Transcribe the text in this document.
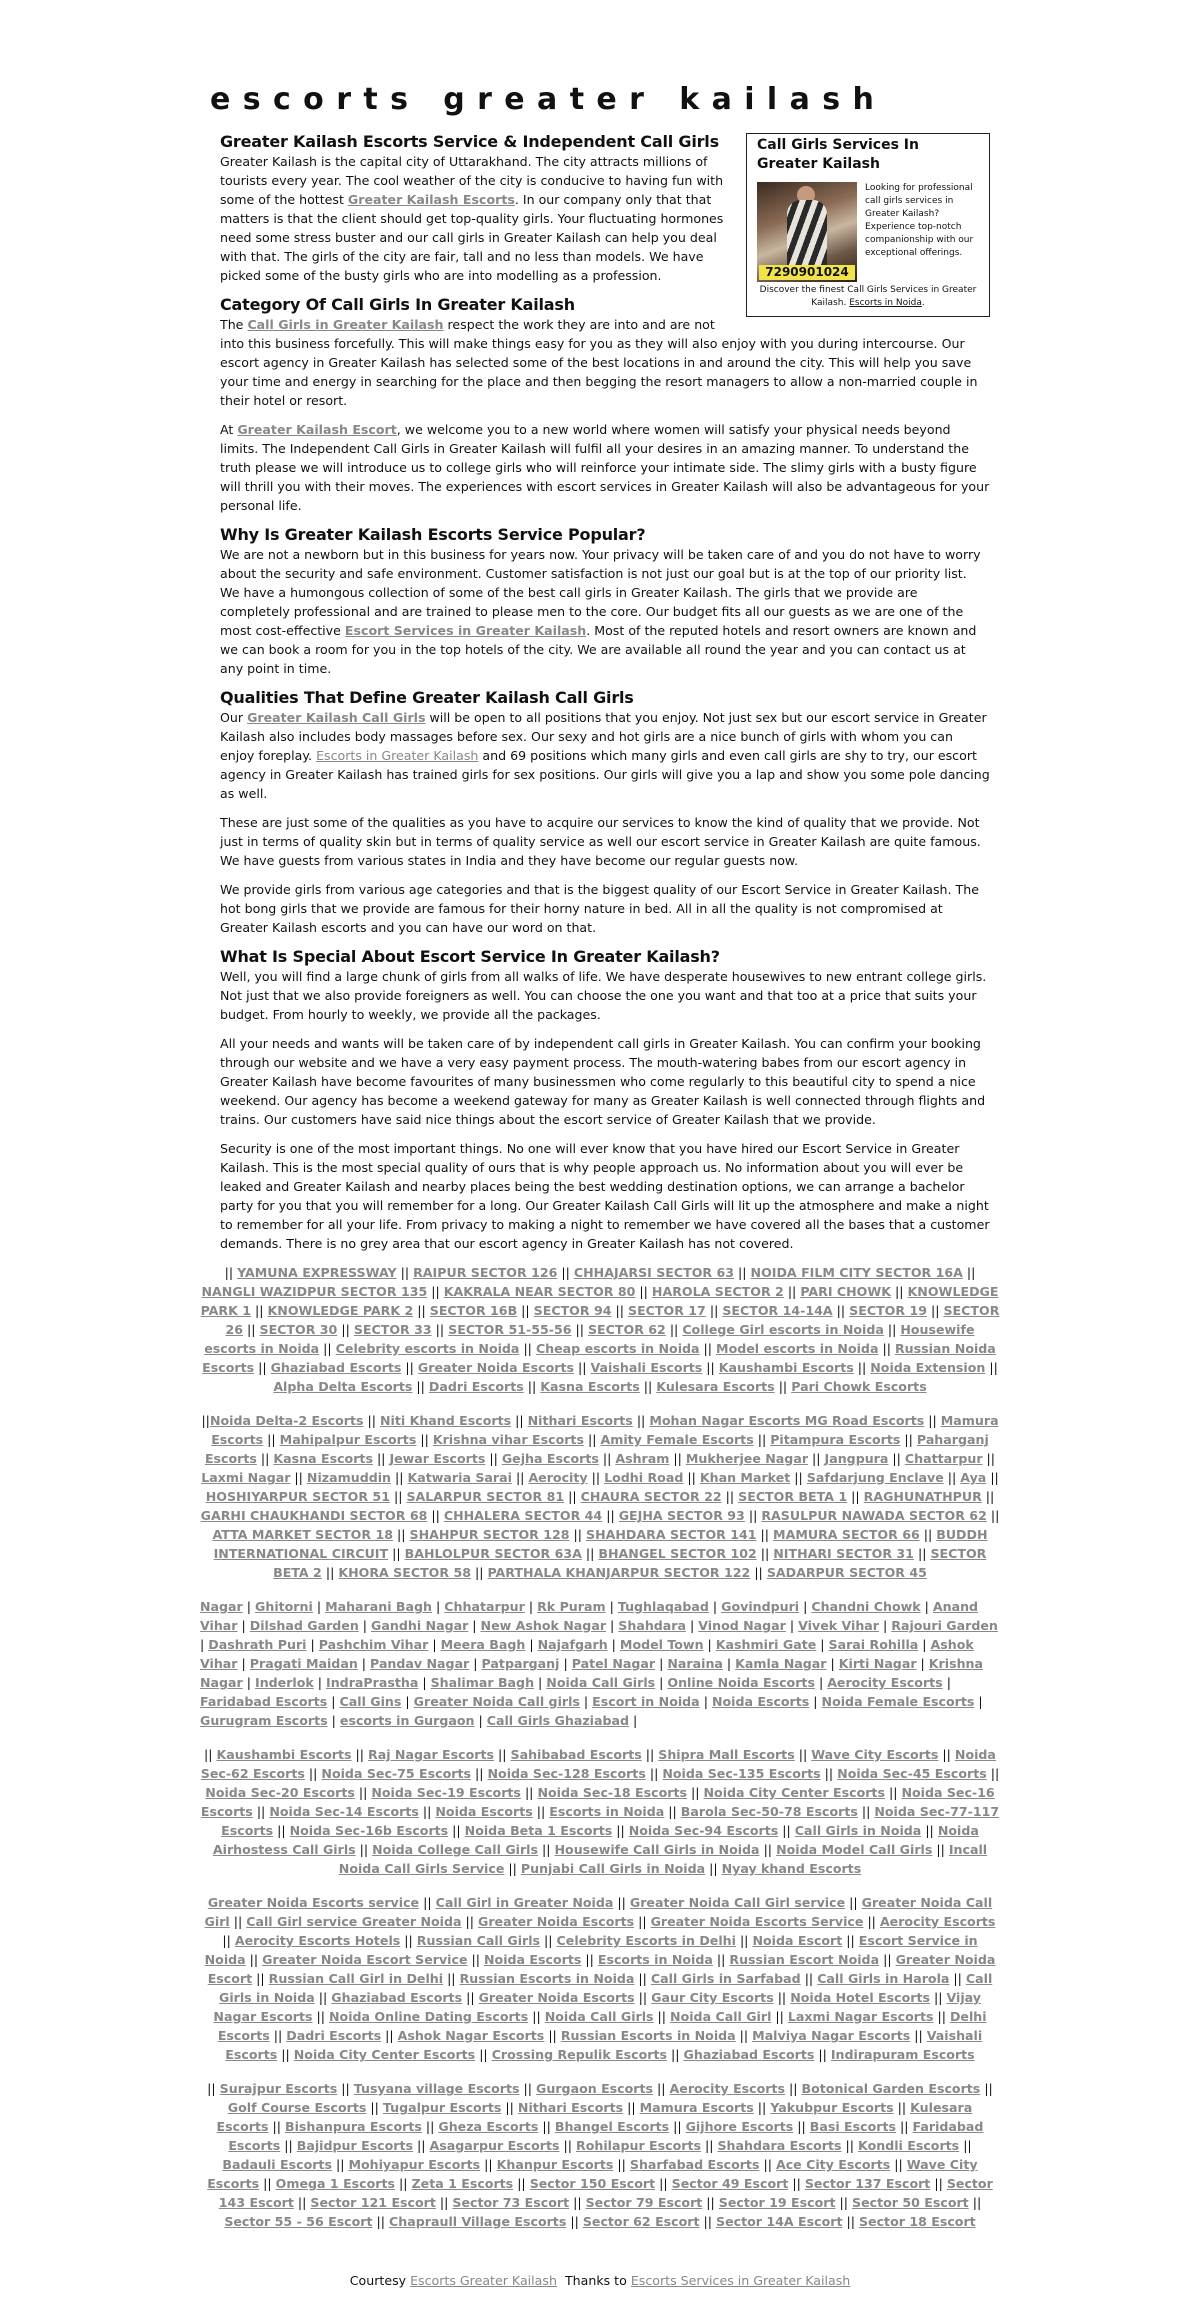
escorts greater kailash
Call Girls Services In Greater Kailash
7290901024
Looking for professional call girls services in Greater Kailash? Experience top-notch companionship with our exceptional offerings.
Discover the finest Call Girls Services in Greater Kailash. Escorts in Noida.
Greater Kailash Escorts Service & Independent Call Girls

Greater Kailash is the capital city of Uttarakhand. The city attracts millions of tourists every year. The cool weather of the city is conducive to having fun with some of the hottest Greater Kailash Escorts. In our company only that that matters is that the client should get top-quality girls. Your fluctuating hormones need some stress buster and our call girls in Greater Kailash can help you deal with that. The girls of the city are fair, tall and no less than models. We have picked some of the busty girls who are into modelling as a profession.

Category Of Call Girls In Greater Kailash

The Call Girls in Greater Kailash respect the work they are into and are not into this business forcefully. This will make things easy for you as they will also enjoy with you during intercourse. Our escort agency in Greater Kailash has selected some of the best locations in and around the city. This will help you save your time and energy in searching for the place and then begging the resort managers to allow a non-married couple in their hotel or resort.

At Greater Kailash Escort, we welcome you to a new world where women will satisfy your physical needs beyond limits. The Independent Call Girls in Greater Kailash will fulfil all your desires in an amazing manner. To understand the truth please we will introduce us to college girls who will reinforce your intimate side. The slimy girls with a busty figure will thrill you with their moves. The experiences with escort services in Greater Kailash will also be advantageous for your personal life.

Why Is Greater Kailash Escorts Service Popular?

We are not a newborn but in this business for years now. Your privacy will be taken care of and you do not have to worry about the security and safe environment. Customer satisfaction is not just our goal but is at the top of our priority list. We have a humongous collection of some of the best call girls in Greater Kailash. The girls that we provide are completely professional and are trained to please men to the core. Our budget fits all our guests as we are one of the most cost-effective Escort Services in Greater Kailash. Most of the reputed hotels and resort owners are known and we can book a room for you in the top hotels of the city. We are available all round the year and you can contact us at any point in time.

Qualities That Define Greater Kailash Call Girls

Our Greater Kailash Call Girls will be open to all positions that you enjoy. Not just sex but our escort service in Greater Kailash also includes body massages before sex. Our sexy and hot girls are a nice bunch of girls with whom you can enjoy foreplay. Escorts in Greater Kailash and 69 positions which many girls and even call girls are shy to try, our escort agency in Greater Kailash has trained girls for sex positions. Our girls will give you a lap and show you some pole dancing as well.

These are just some of the qualities as you have to acquire our services to know the kind of quality that we provide. Not just in terms of quality skin but in terms of quality service as well our escort service in Greater Kailash are quite famous. We have guests from various states in India and they have become our regular guests now.

We provide girls from various age categories and that is the biggest quality of our Escort Service in Greater Kailash. The hot bong girls that we provide are famous for their horny nature in bed. All in all the quality is not compromised at Greater Kailash escorts and you can have our word on that.

What Is Special About Escort Service In Greater Kailash?

Well, you will find a large chunk of girls from all walks of life. We have desperate housewives to new entrant college girls. Not just that we also provide foreigners as well. You can choose the one you want and that too at a price that suits your budget. From hourly to weekly, we provide all the packages.

All your needs and wants will be taken care of by independent call girls in Greater Kailash. You can confirm your booking through our website and we have a very easy payment process. The mouth-watering babes from our escort agency in Greater Kailash have become favourites of many businessmen who come regularly to this beautiful city to spend a nice weekend. Our agency has become a weekend gateway for many as Greater Kailash is well connected through flights and trains. Our customers have said nice things about the escort service of Greater Kailash that we provide.

Security is one of the most important things. No one will ever know that you have hired our Escort Service in Greater Kailash. This is the most special quality of ours that is why people approach us. No information about you will ever be leaked and Greater Kailash and nearby places being the best wedding destination options, we can arrange a bachelor party for you that you will remember for a long. Our Greater Kailash Call Girls will lit up the atmosphere and make a night to remember for all your life. From privacy to making a night to remember we have covered all the bases that a customer demands. There is no grey area that our escort agency in Greater Kailash has not covered.

|| YAMUNA EXPRESSWAY || RAIPUR SECTOR 126 || CHHAJARSI SECTOR 63 || NOIDA FILM CITY SECTOR 16A || NANGLI WAZIDPUR SECTOR 135 || KAKRALA NEAR SECTOR 80 || HAROLA SECTOR 2 || PARI CHOWK || KNOWLEDGE PARK 1 || KNOWLEDGE PARK 2 || SECTOR 16B || SECTOR 94 || SECTOR 17 || SECTOR 14-14A || SECTOR 19 || SECTOR 26 || SECTOR 30 || SECTOR 33 || SECTOR 51-55-56 || SECTOR 62 || College Girl escorts in Noida || Housewife escorts in Noida || Celebrity escorts in Noida || Cheap escorts in Noida || Model escorts in Noida || Russian Noida Escorts || Ghaziabad Escorts || Greater Noida Escorts || Vaishali Escorts || Kaushambi Escorts || Noida Extension || Alpha Delta Escorts || Dadri Escorts || Kasna Escorts || Kulesara Escorts || Pari Chowk Escorts
||Noida Delta-2 Escorts || Niti Khand Escorts || Nithari Escorts || Mohan Nagar Escorts MG Road Escorts || Mamura Escorts || Mahipalpur Escorts || Krishna vihar Escorts || Amity Female Escorts || Pitampura Escorts || Paharganj Escorts || Kasna Escorts || Jewar Escorts || Gejha Escorts || Ashram || Mukherjee Nagar || Jangpura || Chattarpur || Laxmi Nagar || Nizamuddin || Katwaria Sarai || Aerocity || Lodhi Road || Khan Market || Safdarjung Enclave || Aya || HOSHIYARPUR SECTOR 51 || SALARPUR SECTOR 81 || CHAURA SECTOR 22 || SECTOR BETA 1 || RAGHUNATHPUR || GARHI CHAUKHANDI SECTOR 68 || CHHALERA SECTOR 44 || GEJHA SECTOR 93 || RASULPUR NAWADA SECTOR 62 || ATTA MARKET SECTOR 18 || SHAHPUR SECTOR 128 || SHAHDARA SECTOR 141 || MAMURA SECTOR 66 || BUDDH INTERNATIONAL CIRCUIT || BAHLOLPUR SECTOR 63A || BHANGEL SECTOR 102 || NITHARI SECTOR 31 || SECTOR BETA 2 || KHORA SECTOR 58 || PARTHALA KHANJARPUR SECTOR 122 || SADARPUR SECTOR 45
Nagar | Ghitorni | Maharani Bagh | Chhatarpur | Rk Puram | Tughlaqabad | Govindpuri | Chandni Chowk | Anand Vihar | Dilshad Garden | Gandhi Nagar | New Ashok Nagar | Shahdara | Vinod Nagar | Vivek Vihar | Rajouri Garden | Dashrath Puri | Pashchim Vihar | Meera Bagh | Najafgarh | Model Town | Kashmiri Gate | Sarai Rohilla | Ashok Vihar | Pragati Maidan | Pandav Nagar | Patparganj | Patel Nagar | Naraina | Kamla Nagar | Kirti Nagar | Krishna Nagar | Inderlok | IndraPrastha | Shalimar Bagh | Noida Call Girls | Online Noida Escorts | Aerocity Escorts | Faridabad Escorts | Call Gins | Greater Noida Call girls | Escort in Noida | Noida Escorts | Noida Female Escorts | Gurugram Escorts | escorts in Gurgaon | Call Girls Ghaziabad |
|| Kaushambi Escorts || Raj Nagar Escorts || Sahibabad Escorts || Shipra Mall Escorts || Wave City Escorts || Noida Sec-62 Escorts || Noida Sec-75 Escorts || Noida Sec-128 Escorts || Noida Sec-135 Escorts || Noida Sec-45 Escorts || Noida Sec-20 Escorts || Noida Sec-19 Escorts || Noida Sec-18 Escorts || Noida City Center Escorts || Noida Sec-16 Escorts || Noida Sec-14 Escorts || Noida Escorts || Escorts in Noida || Barola Sec-50-78 Escorts || Noida Sec-77-117 Escorts || Noida Sec-16b Escorts || Noida Beta 1 Escorts || Noida Sec-94 Escorts || Call Girls in Noida || Noida Airhostess Call Girls || Noida College Call Girls || Housewife Call Girls in Noida || Noida Model Call Girls || Incall Noida Call Girls Service || Punjabi Call Girls in Noida || Nyay khand Escorts
Greater Noida Escorts service || Call Girl in Greater Noida || Greater Noida Call Girl service || Greater Noida Call Girl || Call Girl service Greater Noida || Greater Noida Escorts || Greater Noida Escorts Service || Aerocity Escorts || Aerocity Escorts Hotels || Russian Call Girls || Celebrity Escorts in Delhi || Noida Escort || Escort Service in Noida || Greater Noida Escort Service || Noida Escorts || Escorts in Noida || Russian Escort Noida || Greater Noida Escort || Russian Call Girl in Delhi || Russian Escorts in Noida || Call Girls in Sarfabad || Call Girls in Harola || Call Girls in Noida || Ghaziabad Escorts || Greater Noida Escorts || Gaur City Escorts || Noida Hotel Escorts || Vijay Nagar Escorts || Noida Online Dating Escorts || Noida Call Girls || Noida Call Girl || Laxmi Nagar Escorts || Delhi Escorts || Dadri Escorts || Ashok Nagar Escorts || Russian Escorts in Noida || Malviya Nagar Escorts || Vaishali Escorts || Noida City Center Escorts || Crossing Repulik Escorts || Ghaziabad Escorts || Indirapuram Escorts
|| Surajpur Escorts || Tusyana village Escorts || Gurgaon Escorts || Aerocity Escorts || Botonical Garden Escorts || Golf Course Escorts || Tugalpur Escorts || Nithari Escorts || Mamura Escorts || Yakubpur Escorts || Kulesara Escorts || Bishanpura Escorts || Gheza Escorts || Bhangel Escorts || Gijhore Escorts || Basi Escorts || Faridabad Escorts || Bajidpur Escorts || Asagarpur Escorts || Rohilapur Escorts || Shahdara Escorts || Kondli Escorts || Badauli Escorts || Mohiyapur Escorts || Khanpur Escorts || Sharfabad Escorts || Ace City Escorts || Wave City Escorts || Omega 1 Escorts || Zeta 1 Escorts || Sector 150 Escort || Sector 49 Escort || Sector 137 Escort || Sector 143 Escort || Sector 121 Escort || Sector 73 Escort || Sector 79 Escort || Sector 19 Escort || Sector 50 Escort || Sector 55 - 56 Escort || Chapraull Village Escorts || Sector 62 Escort || Sector 14A Escort || Sector 18 Escort
Courtesy Escorts Greater Kailash Thanks to Escorts Services in Greater Kailash
